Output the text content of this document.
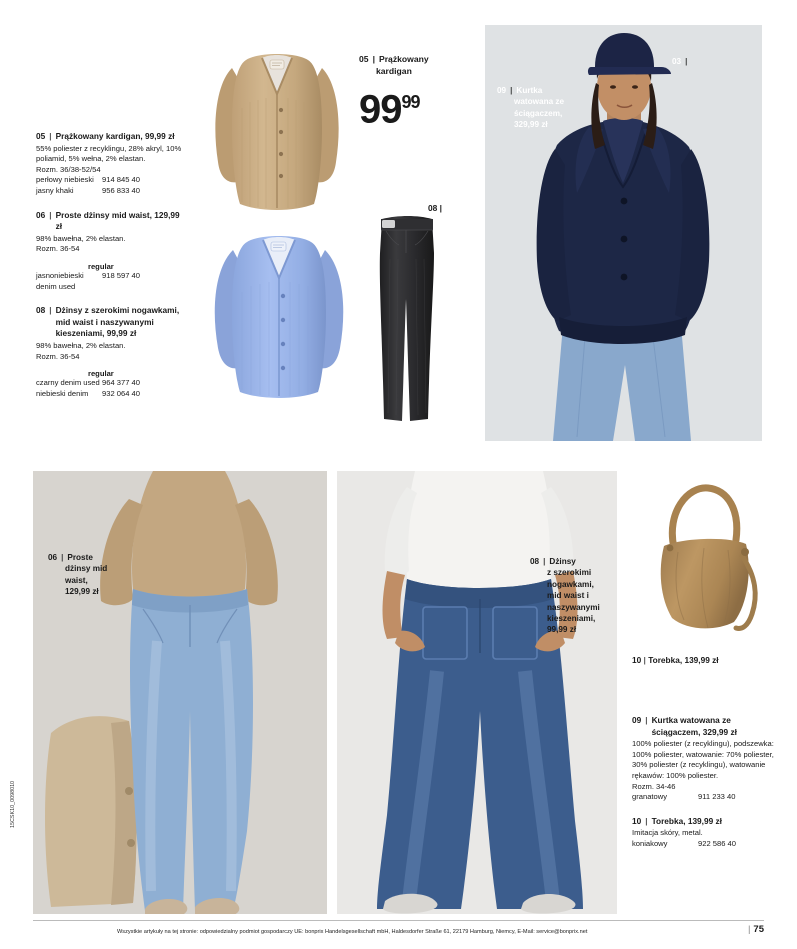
05 | Prążkowany kardigan, 99,99 zł
55% poliester z recyklingu, 28% akryl, 10% poliamid, 5% wełna, 2% elastan.
Rozm. 36/38-52/54
perłowy niebieski	914 845 40
jasny khaki	956 833 40
06 | Proste dżinsy mid waist, 129,99 zł
98% bawełna, 2% elastan.
Rozm. 36-54
regular
jasnoniebieski denim used
918 597 40
08 | Dżinsy z szerokimi nogawkami, mid waist i naszywanymi kieszeniami, 99,99 zł
98% bawełna, 2% elastan.
Rozm. 36-54
regular
czarny denim used 964 377 40
niebieski denim	932 064 40
05 | Prążkowany
kardigan
$99^{99}$
08 |
09 | Kurtka
watowana ze
ściągaczem,
329,99 zł
03 |
06 | Proste
dżinsy mid
waist,
129,99 zł
08 | Dżinsy
z szerokimi
nogawkami,
mid waist i
naszywanymi
kieszeniami,
99,99 zł
10 | Torebka, 139,99 zł
09 | Kurtka watowana ze ściągaczem, 329,99 zł
100% poliester (z recyklingu), podszewka: 100% poliester, watowanie: 70% poliester, 30% poliester (z recyklingu), watowanie rękawów: 100% poliester.
Rozm. 34-46
granatowy	911 233 40
10 | Torebka, 139,99 zł
Imitacja skóry, metal.
koniakowy	922 586 40
Wszystkie artykuły na tej stronie: odpowiedzialny podmiot gospodarczy UE: bonprix Handelsgesellschaft mbH, Haldesdorfer Straße 61, 22179 Hamburg, Niemcy, E-Mail: service@bonprix.net	| 75
15CSK10_0098010
